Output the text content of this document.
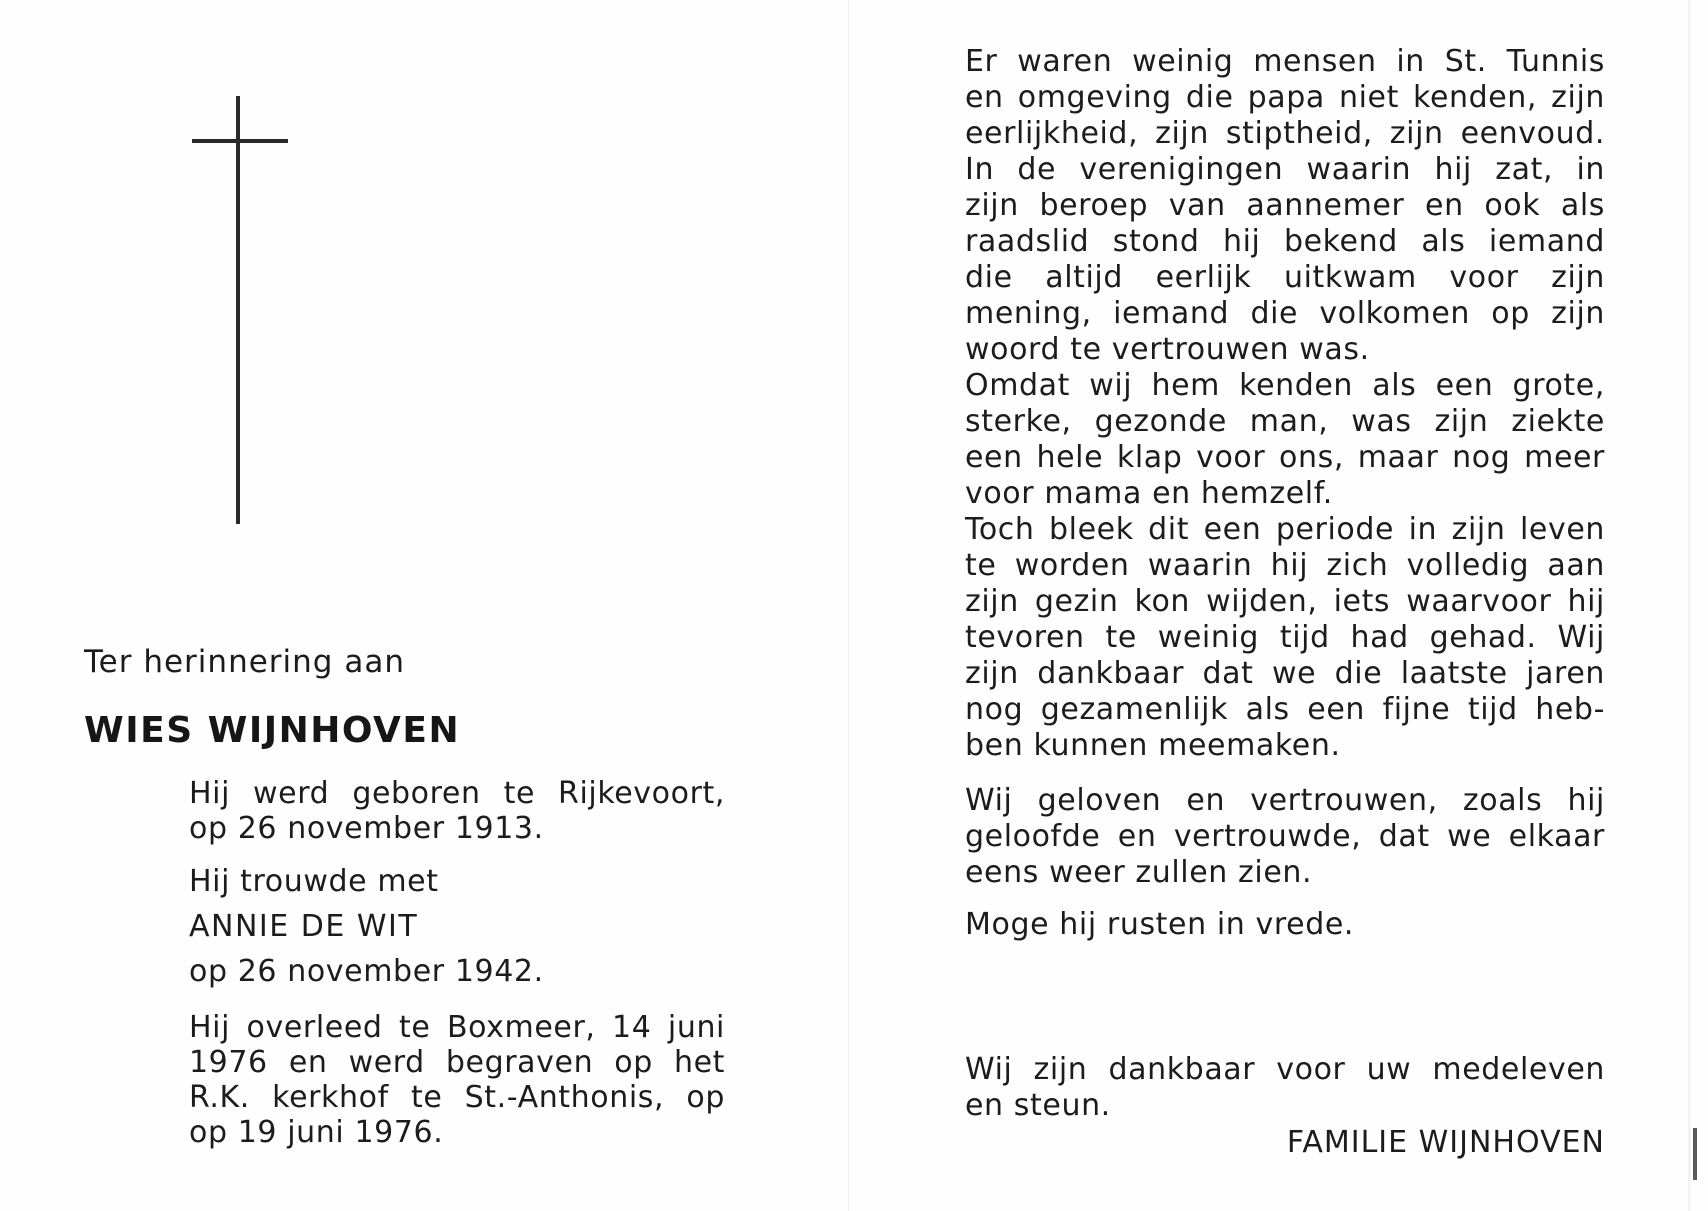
Ter herinnering aan

WIES WIJNHOVEN

Hij werd geboren te Rijkevoort,
op 26 november 1913.
Hij trouwde met
ANNIE DE WIT
op 26 november 1942.
Hij overleed te Boxmeer, 14 juni
1976 en werd begraven op het
R.K. kerkhof te St.-Anthonis, op
op 19 juni 1976.
Er waren weinig mensen in St. Tunnis
en omgeving die papa niet kenden, zijn
eerlijkheid, zijn stiptheid, zijn eenvoud.
In de verenigingen waarin hij zat, in
zijn beroep van aannemer en ook als
raadslid stond hij bekend als iemand
die altijd eerlijk uitkwam voor zijn
mening, iemand die volkomen op zijn
woord te vertrouwen was.
Omdat wij hem kenden als een grote,
sterke, gezonde man, was zijn ziekte
een hele klap voor ons, maar nog meer
voor mama en hemzelf.
Toch bleek dit een periode in zijn leven
te worden waarin hij zich volledig aan
zijn gezin kon wijden, iets waarvoor hij
tevoren te weinig tijd had gehad. Wij
zijn dankbaar dat we die laatste jaren
nog gezamenlijk als een fijne tijd heb-
ben kunnen meemaken.
Wij geloven en vertrouwen, zoals hij
geloofde en vertrouwde, dat we elkaar
eens weer zullen zien.
Moge hij rusten in vrede.
Wij zijn dankbaar voor uw medeleven
en steun.
FAMILIE WIJNHOVEN
